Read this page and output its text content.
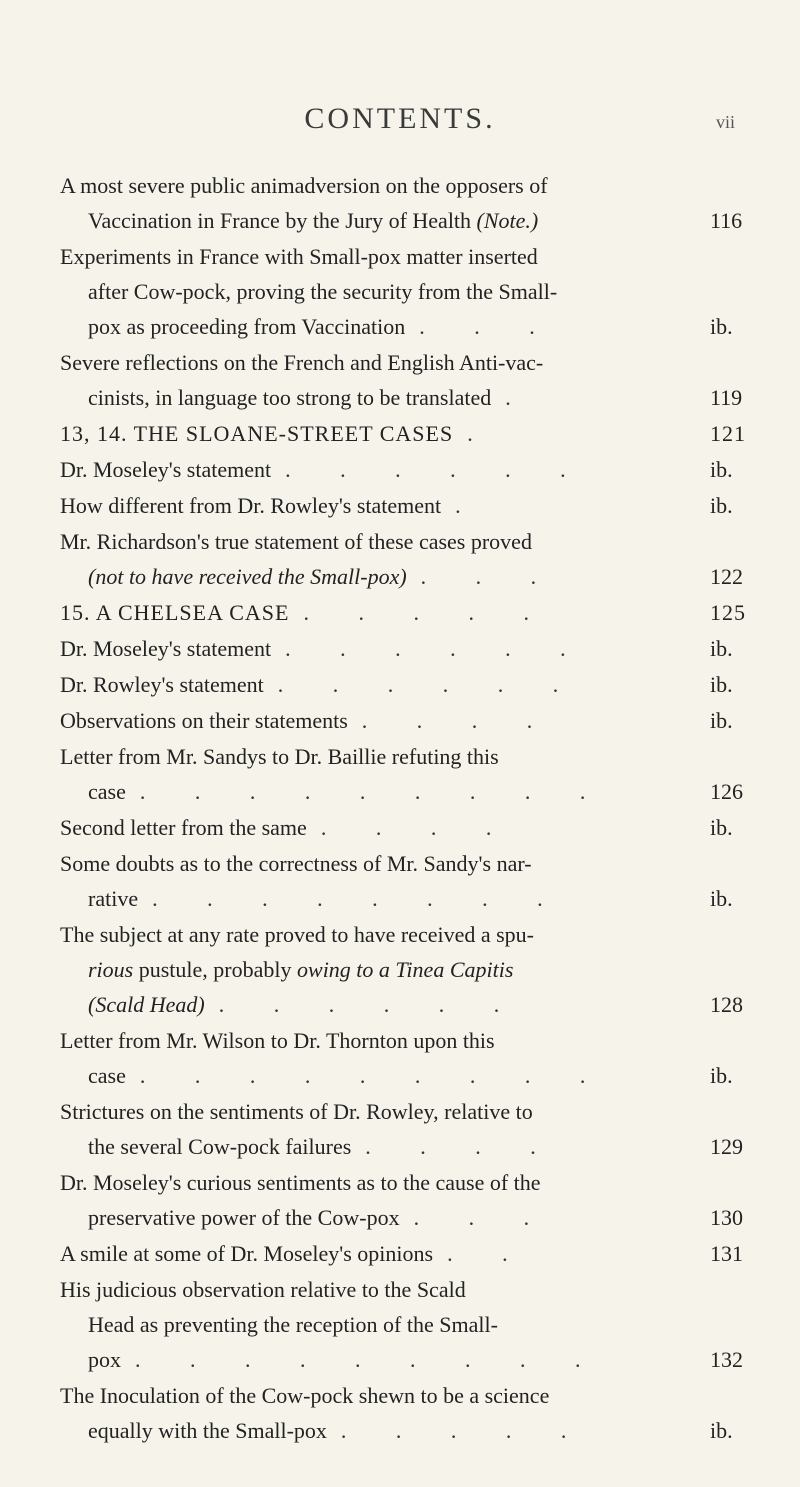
CONTENTS.	vii
A most severe public animadversion on the opposers of
Vaccination in France by the Jury of Health (Note.)	116
Experiments in France with Small-pox matter inserted
after Cow-pock, proving the security from the Small-
pox as proceeding from Vaccination . . .	ib.
Severe reflections on the French and English Anti-vac-
cinists, in language too strong to be translated .	119
13, 14. THE SLOANE-STREET CASES .	121
Dr. Moseley's statement . . . . . .	ib.
How different from Dr. Rowley's statement .	ib.
Mr. Richardson's true statement of these cases proved
(not to have received the Small-pox) . . .	122
15. A CHELSEA CASE . . . . .	125
Dr. Moseley's statement . . . . . .	ib.
Dr. Rowley's statement . . . . . .	ib.
Observations on their statements . . . .	ib.
Letter from Mr. Sandys to Dr. Baillie refuting this
case . . . . . . . . .	126
Second letter from the same . . . .	ib.
Some doubts as to the correctness of Mr. Sandy's nar-
rative . . . . . . . .	ib.
The subject at any rate proved to have received a spu-
rious pustule, probably owing to a Tinea Capitis
(Scald Head) . . . . . .	128
Letter from Mr. Wilson to Dr. Thornton upon this
case . . . . . . . . .	ib.
Strictures on the sentiments of Dr. Rowley, relative to
the several Cow-pock failures . . . .	129
Dr. Moseley's curious sentiments as to the cause of the
preservative power of the Cow-pox . . .	130
A smile at some of Dr. Moseley's opinions . .	131
His judicious observation relative to the Scald
Head as preventing the reception of the Small-
pox . . . . . . . . .	132
The Inoculation of the Cow-pock shewn to be a science
equally with the Small-pox . . . . .	ib.
